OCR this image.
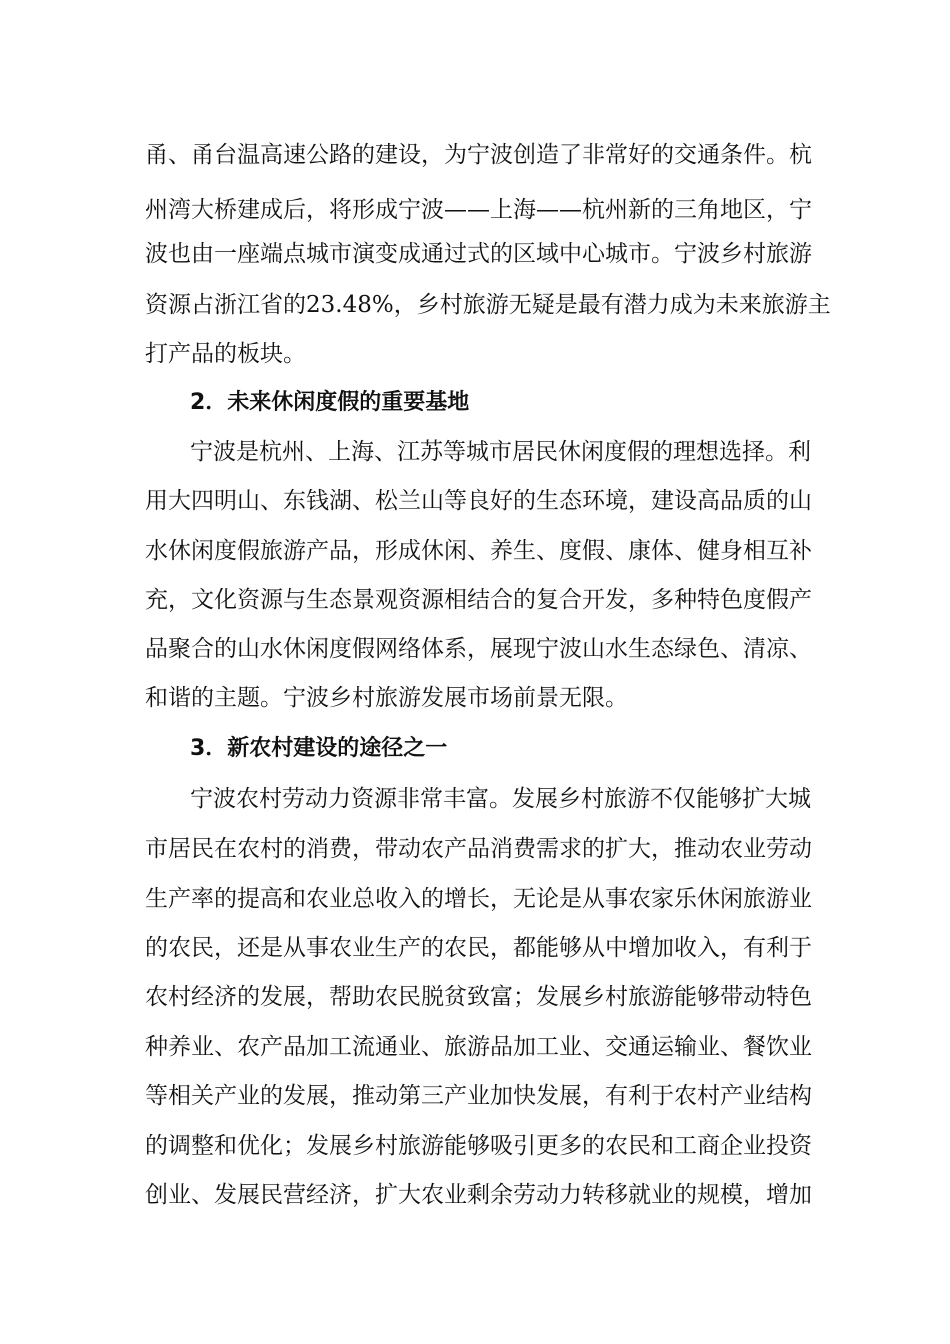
甬、甬台温高速公路的建设，为宁波创造了非常好的交通条件。杭
州湾大桥建成后，将形成宁波——上海——杭州新的三角地区，宁
波也由一座端点城市演变成通过式的区域中心城市。宁波乡村旅游
资源占浙江省的23.48%，乡村旅游无疑是最有潜力成为未来旅游主
打产品的板块。
2．未来休闲度假的重要基地
宁波是杭州、上海、江苏等城市居民休闲度假的理想选择。利
用大四明山、东钱湖、松兰山等良好的生态环境，建设高品质的山
水休闲度假旅游产品，形成休闲、养生、度假、康体、健身相互补
充，文化资源与生态景观资源相结合的复合开发，多种特色度假产
品聚合的山水休闲度假网络体系，展现宁波山水生态绿色、清凉、
和谐的主题。宁波乡村旅游发展市场前景无限。
3．新农村建设的途径之一
宁波农村劳动力资源非常丰富。发展乡村旅游不仅能够扩大城
市居民在农村的消费，带动农产品消费需求的扩大，推动农业劳动
生产率的提高和农业总收入的增长，无论是从事农家乐休闲旅游业
的农民，还是从事农业生产的农民，都能够从中增加收入，有利于
农村经济的发展，帮助农民脱贫致富；发展乡村旅游能够带动特色
种养业、农产品加工流通业、旅游品加工业、交通运输业、餐饮业
等相关产业的发展，推动第三产业加快发展，有利于农村产业结构
的调整和优化；发展乡村旅游能够吸引更多的农民和工商企业投资
创业、发展民营经济，扩大农业剩余劳动力转移就业的规模，增加
